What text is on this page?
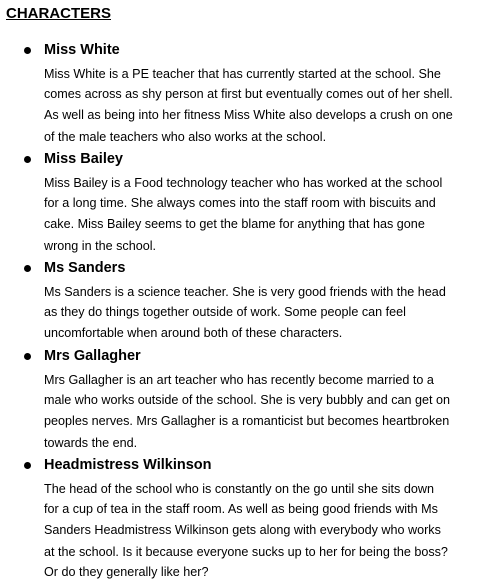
CHARACTERS
Miss White
Miss White is a PE teacher that has currently started at the school. She
comes across as shy person at first but eventually comes out of her shell.
As well as being into her fitness Miss White also develops a crush on one
of the male teachers who also works at the school.
Miss Bailey
Miss Bailey is a Food technology teacher who has worked at the school
for a long time. She always comes into the staff room with biscuits and
cake. Miss Bailey seems to get the blame for anything that has gone
wrong in the school.
Ms Sanders
Ms Sanders is a science teacher. She is very good friends with the head
as they do things together outside of work. Some people can feel
uncomfortable when around both of these characters.
Mrs Gallagher
Mrs Gallagher is an art teacher who has recently become married to a
male who works outside of the school. She is very bubbly and can get on
peoples nerves. Mrs Gallagher is a romanticist but becomes heartbroken
towards the end.
Headmistress Wilkinson
The head of the school who is constantly on the go until she sits down
for a cup of tea in the staff room. As well as being good friends with Ms
Sanders Headmistress Wilkinson gets along with everybody who works
at the school. Is it because everyone sucks up to her for being the boss?
Or do they generally like her?
